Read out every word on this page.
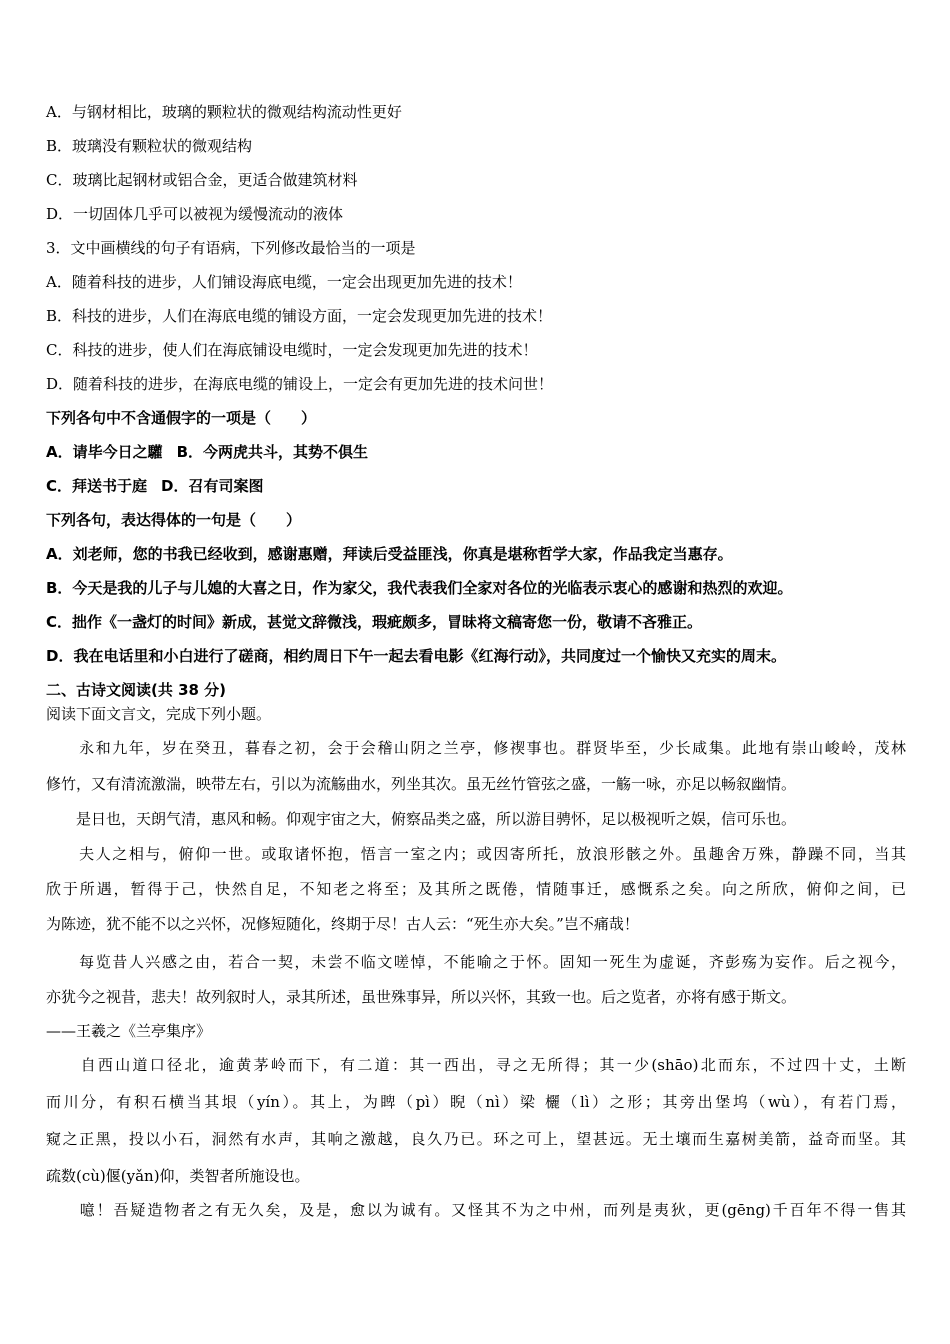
A．与钢材相比，玻璃的颗粒状的微观结构流动性更好
B．玻璃没有颗粒状的微观结构
C．玻璃比起钢材或铝合金，更适合做建筑材料
D．一切固体几乎可以被视为缓慢流动的液体
3．文中画横线的句子有语病，下列修改最恰当的一项是
A．随着科技的进步，人们铺设海底电缆，一定会出现更加先进的技术！
B．科技的进步，人们在海底电缆的铺设方面，一定会发现更加先进的技术！
C．科技的进步，使人们在海底铺设电缆时，一定会发现更加先进的技术！
D．随着科技的进步，在海底电缆的铺设上，一定会有更加先进的技术问世！
下列各句中不含通假字的一项是（　　）
A．请毕今日之驩 B．今两虎共斗，其势不俱生
C．拜送书于庭 D．召有司案图
下列各句，表达得体的一句是（　　）
A．刘老师，您的书我已经收到，感谢惠赠，拜读后受益匪浅，你真是堪称哲学大家，作品我定当惠存。
B．今天是我的儿子与儿媳的大喜之日，作为家父，我代表我们全家对各位的光临表示衷心的感谢和热烈的欢迎。
C．拙作《一盏灯的时间》新成，甚觉文辞微浅，瑕疵颇多，冒昧将文稿寄您一份，敬请不吝雅正。
D．我在电话里和小白进行了磋商，相约周日下午一起去看电影《红海行动》，共同度过一个愉快又充实的周末。
二、古诗文阅读(共 38 分)
阅读下面文言文，完成下列小题。
　　永和九年，岁在癸丑，暮春之初，会于会稽山阴之兰亭，修禊事也。群贤毕至，少长咸集。此地有崇山峻岭，茂林
修竹，又有清流激湍，映带左右，引以为流觞曲水，列坐其次。虽无丝竹管弦之盛，一觞一咏，亦足以畅叙幽情。
　　是日也，天朗气清，惠风和畅。仰观宇宙之大，俯察品类之盛，所以游目骋怀，足以极视听之娱，信可乐也。
　　夫人之相与，俯仰一世。或取诸怀抱，悟言一室之内；或因寄所托，放浪形骸之外。虽趣舍万殊，静躁不同，当其
欣于所遇，暂得于己，快然自足，不知老之将至；及其所之既倦，情随事迁，感慨系之矣。向之所欣，俯仰之间，已
为陈迹，犹不能不以之兴怀，况修短随化，终期于尽！古人云：“死生亦大矣。”岂不痛哉！
　　每览昔人兴感之由，若合一契，未尝不临文嗟悼，不能喻之于怀。固知一死生为虚诞，齐彭殇为妄作。后之视今，
亦犹今之视昔，悲夫！故列叙时人，录其所述，虽世殊事异，所以兴怀，其致一也。后之览者，亦将有感于斯文。
——王羲之《兰亭集序》
　　自西山道口径北，逾黄茅岭而下，有二道：其一西出，寻之无所得；其一少(shāo)北而东，不过四十丈，土断
而川分，有积石横当其垠（yín）。其上，为睥（pì）睨（nì）梁 欐（lì）之形；其旁出堡坞（wù），有若门焉，
窥之正黑，投以小石，洞然有水声，其响之激越，良久乃已。环之可上，望甚远。无土壤而生嘉树美箭，益奇而坚。其
疏数(cù)偃(yǎn)仰，类智者所施设也。
　　噫！吾疑造物者之有无久矣，及是，愈以为诚有。又怪其不为之中州，而列是夷狄，更(gēng)千百年不得一售其
